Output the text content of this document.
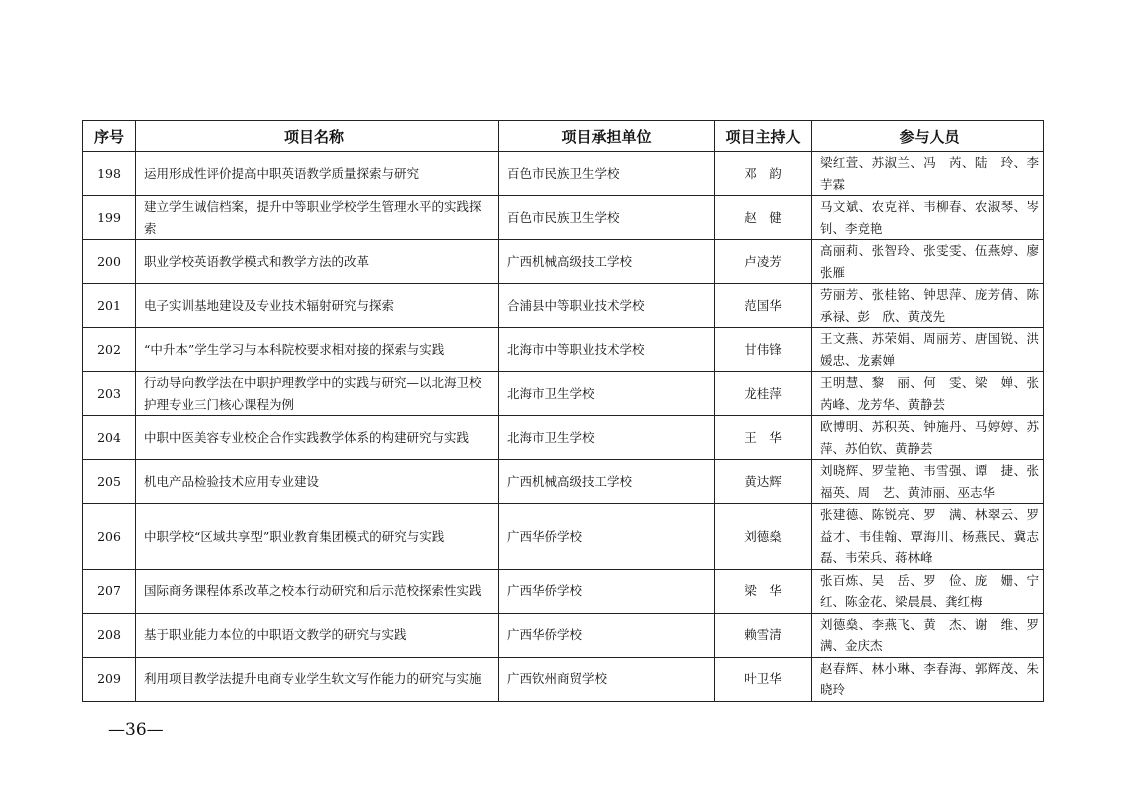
序号	项目名称	项目承担单位	项目主持人	参与人员
198	运用形成性评价提高中职英语教学质量探索与研究	百色市民族卫生学校	邓　韵	梁红萱、苏淑兰、冯　芮、陆　玲、李芋霖
199	建立学生诚信档案，提升中等职业学校学生管理水平的实践探索	百色市民族卫生学校	赵　健	马文斌、农克祥、韦柳春、农淑琴、岑　钊、李竞艳
200	职业学校英语教学模式和教学方法的改革	广西机械高级技工学校	卢凌芳	高丽莉、张智玲、张雯雯、伍燕婷、廖张雁
201	电子实训基地建设及专业技术辐射研究与探索	合浦县中等职业技术学校	范国华	劳丽芳、张桂铭、钟思萍、庞芳倩、陈承禄、彭　欣、黄茂先
202	“中升本”学生学习与本科院校要求相对接的探索与实践	北海市中等职业技术学校	甘伟锋	王文燕、苏荣娟、周丽芳、唐国锐、洪媛忠、龙素婵
203	行动导向教学法在中职护理教学中的实践与研究—以北海卫校护理专业三门核心课程为例	北海市卫生学校	龙桂萍	王明慧、黎　丽、何　雯、梁　婵、张芮峰、龙芳华、黄静芸
204	中职中医美容专业校企合作实践教学体系的构建研究与实践	北海市卫生学校	王　华	欧博明、苏积英、钟施丹、马婷婷、苏　萍、苏伯钦、黄静芸
205	机电产品检验技术应用专业建设	广西机械高级技工学校	黄达辉	刘晓辉、罗莹艳、韦雪强、谭　捷、张福英、周　艺、黄沛丽、巫志华
206	中职学校“区域共享型”职业教育集团模式的研究与实践	广西华侨学校	刘德燊	张建德、陈锐亮、罗　满、林翠云、罗益才、韦佳翰、覃海川、杨燕民、冀志磊、韦荣兵、蒋林峰
207	国际商务课程体系改革之校本行动研究和后示范校探索性实践	广西华侨学校	梁　华	张百炼、吴　岳、罗　俭、庞　姗、宁　红、陈金花、梁晨晨、龚红梅
208	基于职业能力本位的中职语文教学的研究与实践	广西华侨学校	赖雪清	刘德燊、李燕飞、黄　杰、谢　维、罗　满、金庆杰
209	利用项目教学法提升电商专业学生软文写作能力的研究与实施	广西钦州商贸学校	叶卫华	赵春辉、林小琳、李春海、郭辉茂、朱晓玲
—36—
